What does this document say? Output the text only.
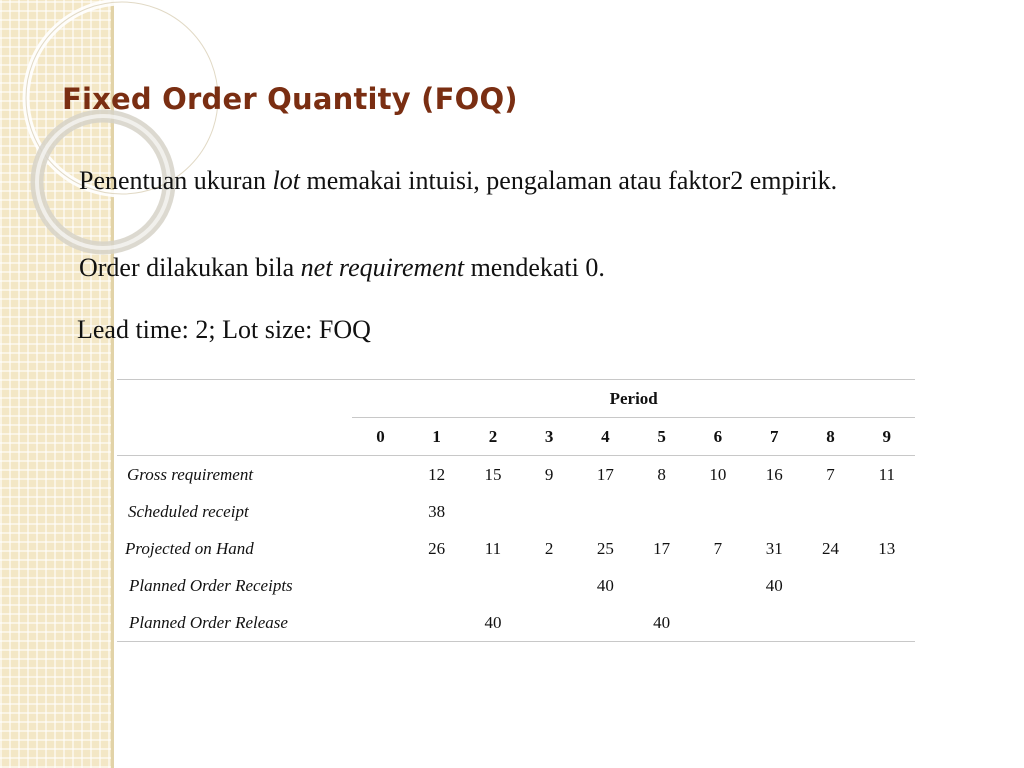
Fixed Order Quantity (FOQ)

Penentuan ukuran lot memakai intuisi, pengalaman atau faktor2 empirik.

Order dilakukan bila net requirement mendekati 0.

Lead time: 2; Lot size: FOQ

	Period									
	0	1	2	3	4	5	6	7	8	9
Gross requirement		12	15	9	17	8	10	16	7	11
Scheduled receipt		38								
Projected on Hand		26	11	2	25	17	7	31	24	13
Planned Order Receipts					40			40		
Planned Order Release			40			40				
